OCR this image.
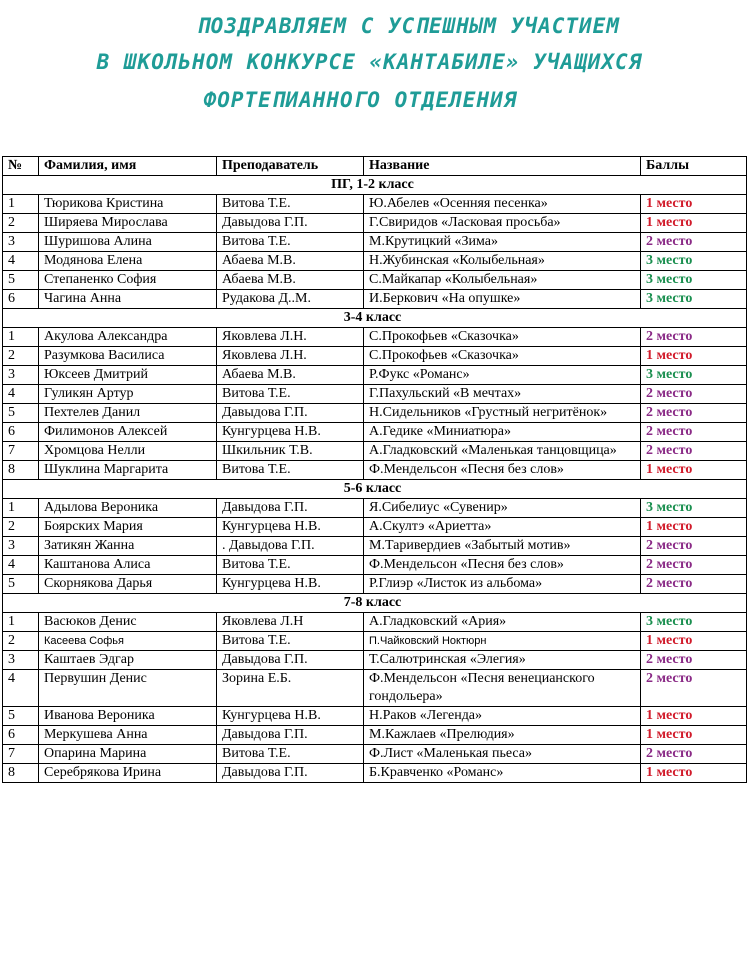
ПОЗДРАВЛЯЕМ С УСПЕШНЫМ УЧАСТИЕМ
В ШКОЛЬНОМ КОНКУРСЕ «КАНТАБИЛЕ» УЧАЩИХСЯ
ФОРТЕПИАННОГО ОТДЕЛЕНИЯ
№	Фамилия, имя	Преподаватель	Название	Баллы
ПГ, 1-2 класс				
1	Тюрикова Кристина	Витова Т.Е.	Ю.Абелев «Осенняя песенка»	1 место
2	Ширяева Мирослава	Давыдова Г.П.	Г.Свиридов «Ласковая просьба»	1 место
3	Шуришова Алина	Витова Т.Е.	М.Крутицкий «Зима»	2 место
4	Модянова Елена	Абаева М.В.	Н.Жубинская «Колыбельная»	3 место
5	Степаненко София	Абаева М.В.	С.Майкапар «Колыбельная»	3 место
6	Чагина Анна	Рудакова Д..М.	И.Беркович «На опушке»	3 место
3-4 класс				
1	Акулова Александра	Яковлева Л.Н.	С.Прокофьев «Сказочка»	2 место
2	Разумкова Василиса	Яковлева Л.Н.	С.Прокофьев «Сказочка»	1 место
3	Юксеев Дмитрий	Абаева М.В.	Р.Фукс «Романс»	3 место
4	Гуликян Артур	Витова Т.Е.	Г.Пахульский «В мечтах»	2 место
5	Пехтелев Данил	Давыдова Г.П.	Н.Сидельников «Грустный негритёнок»	2 место
6	Филимонов Алексей	Кунгурцева Н.В.	А.Гедике «Миниатюра»	2 место
7	Хромцова Нелли	Шкильник Т.В.	А.Гладковский «Маленькая танцовщица»	2 место
8	Шуклина Маргарита	Витова Т.Е.	Ф.Мендельсон «Песня без слов»	1 место
5-6 класс				
1	Адылова Вероника	Давыдова Г.П.	Я.Сибелиус «Сувенир»	3 место
2	Боярских Мария	Кунгурцева Н.В.	А.Скултэ «Ариетта»	1 место
3	Затикян Жанна	. Давыдова Г.П.	М.Таривердиев «Забытый мотив»	2 место
4	Каштанова Алиса	Витова Т.Е.	Ф.Мендельсон «Песня без слов»	2 место
5	Скорнякова Дарья	Кунгурцева Н.В.	Р.Глиэр «Листок из альбома»	2 место
7-8 класс				
1	Васюков Денис	Яковлева Л.Н	А.Гладковский «Ария»	3 место
2	Касеева Софья	Витова Т.Е.	П.Чайковский Ноктюрн	1 место
3	Каштаев Эдгар	Давыдова Г.П.	Т.Салютринская «Элегия»	2 место
4	Первушин Денис	Зорина Е.Б.	Ф.Мендельсон «Песня венецианского гондольера»	2 место
5	Иванова Вероника	Кунгурцева Н.В.	Н.Раков «Легенда»	1 место
6	Меркушева Анна	Давыдова Г.П.	М.Кажлаев «Прелюдия»	1 место
7	Опарина Марина	Витова Т.Е.	Ф.Лист «Маленькая пьеса»	2 место
8	Серебрякова Ирина	Давыдова Г.П.	Б.Кравченко «Романс»	1 место
